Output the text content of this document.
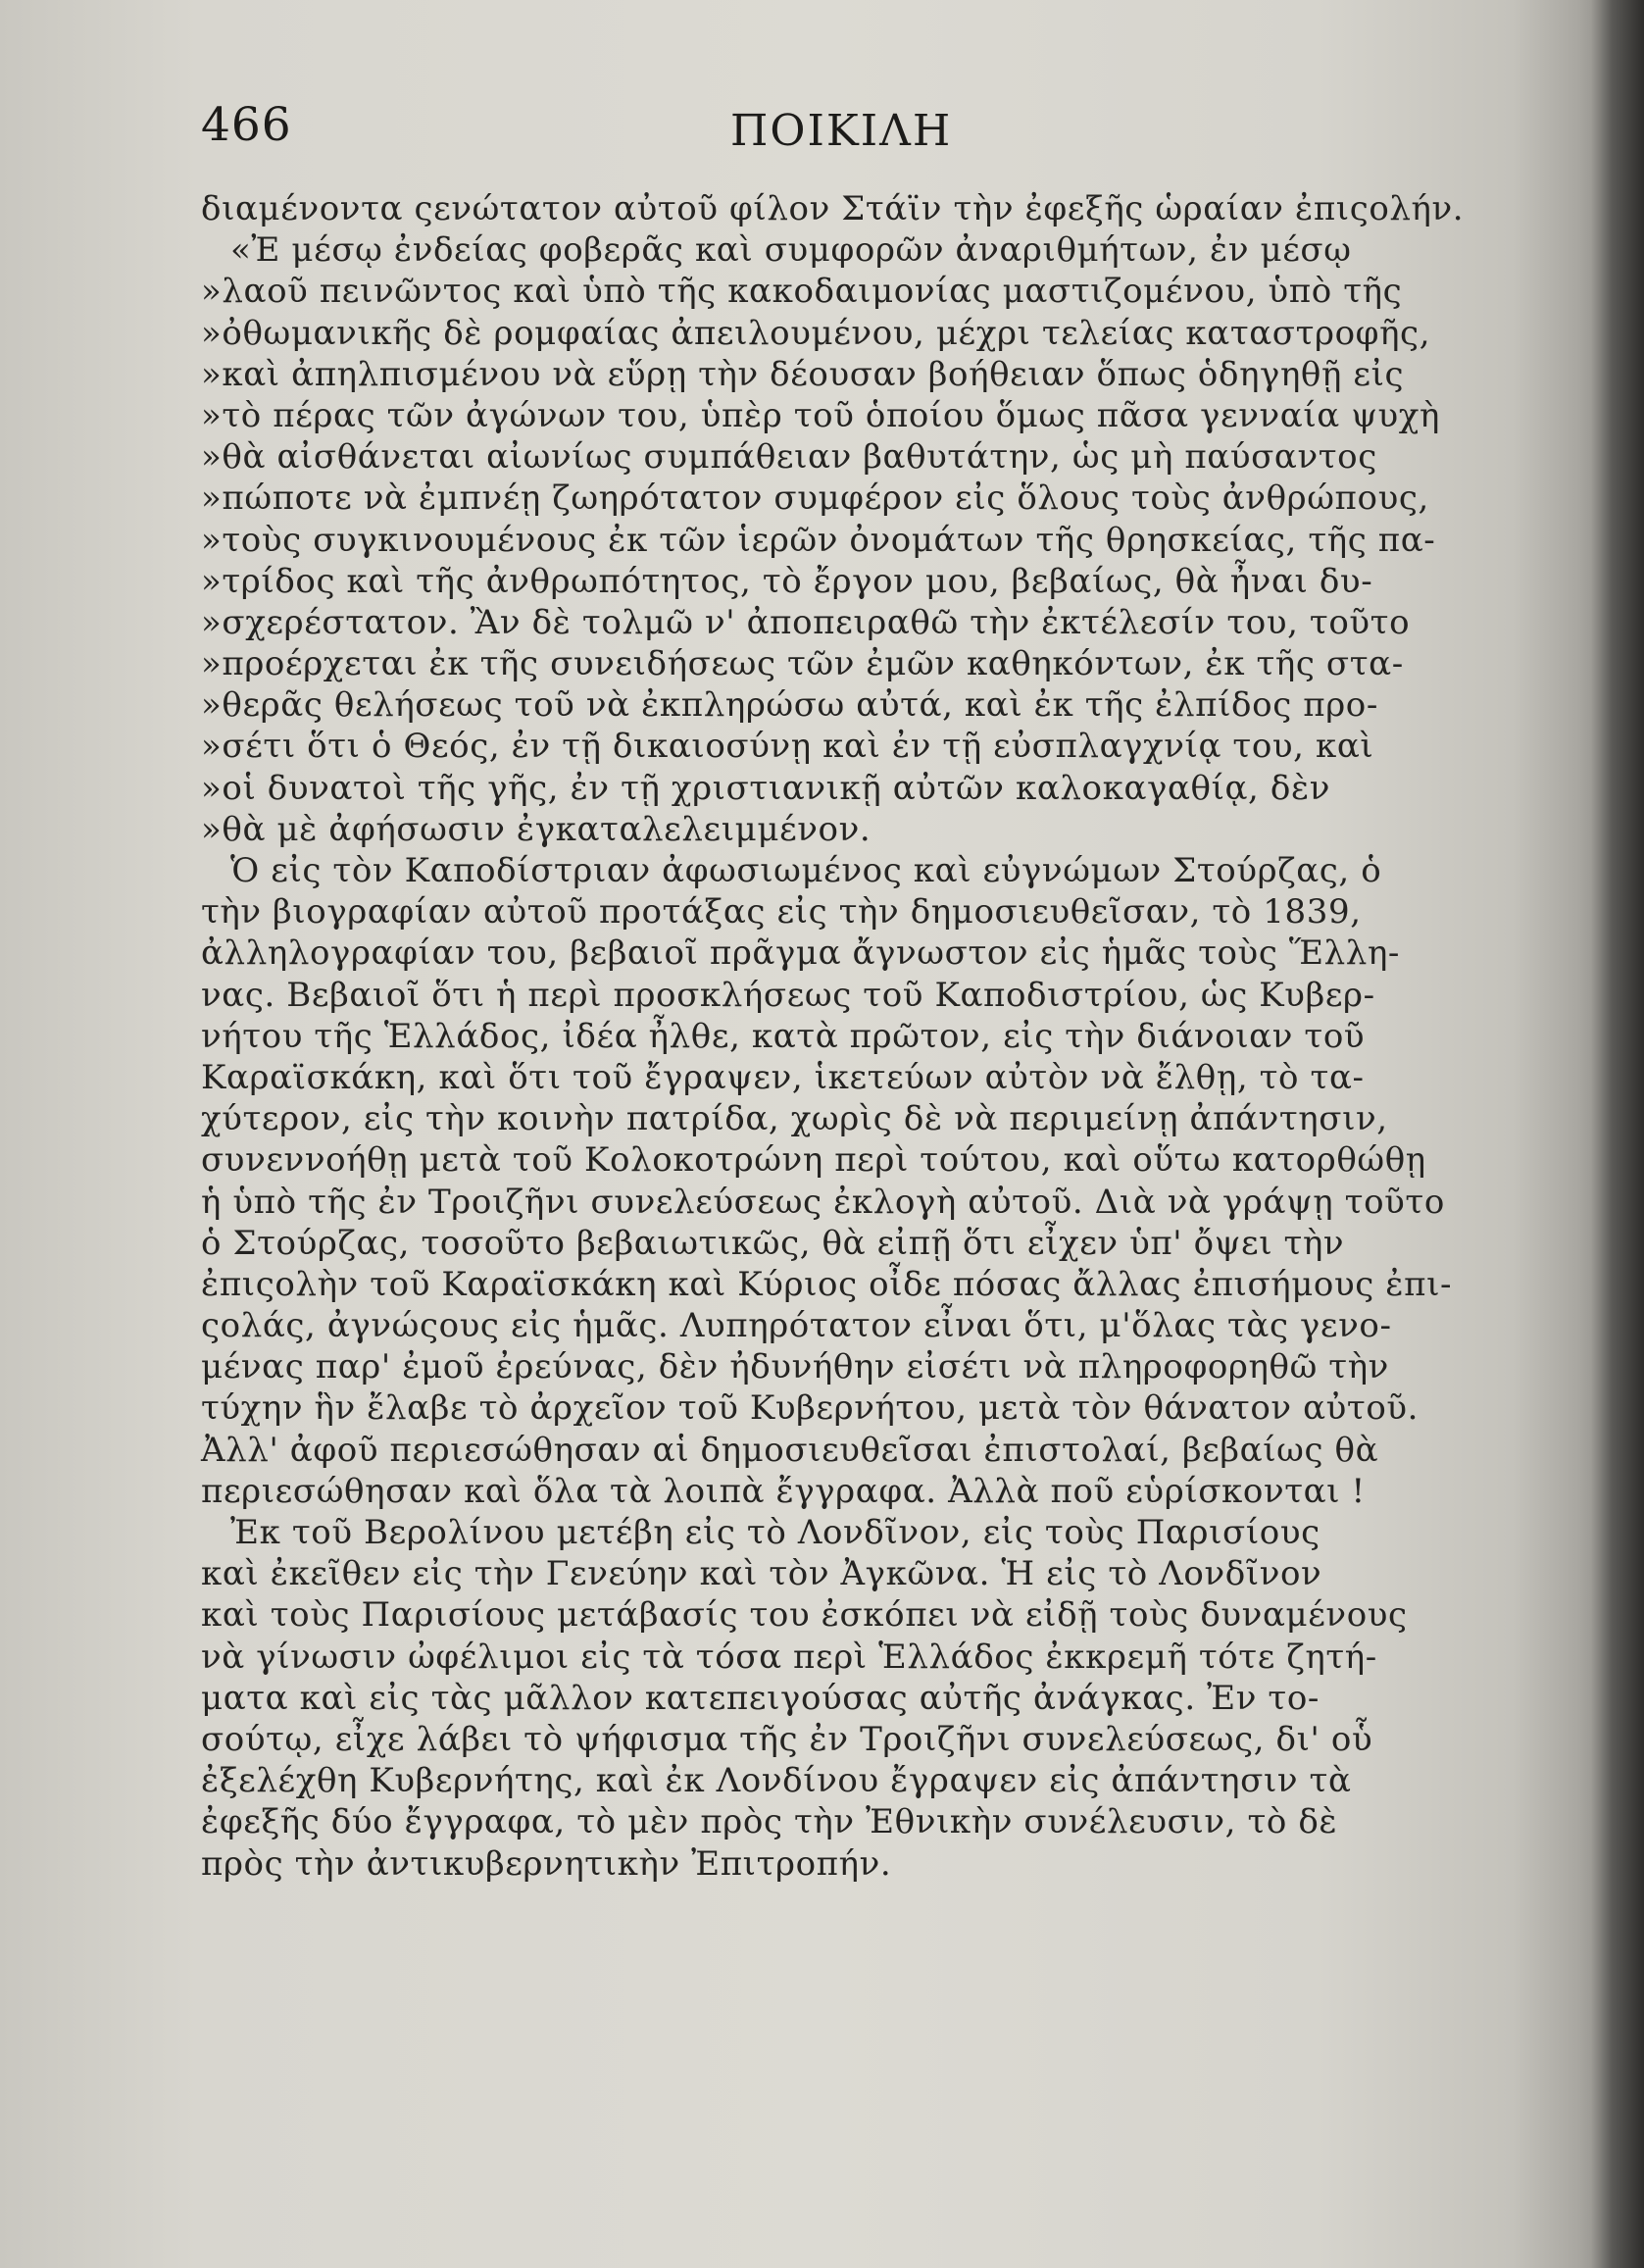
466	ΠΟΙΚΙΛΗ
διαμένοντα ςενώτατον αὐτοῦ φίλον Στάϊν τὴν ἐφεξῆς ὡραίαν ἐπιςολήν.
«Ἐ μέσῳ ἐνδείας φοβερᾶς καὶ συμφορῶν ἀναριθμήτων, ἐν μέσῳ
»λαοῦ πεινῶντος καὶ ὑπὸ τῆς κακοδαιμονίας μαστιζομένου, ὑπὸ τῆς
»ὀθωμανικῆς δὲ ρομφαίας ἀπειλουμένου, μέχρι τελείας καταστροφῆς,
»καὶ ἀπηλπισμένου νὰ εὕρῃ τὴν δέουσαν βοήθειαν ὅπως ὁδηγηθῇ εἰς
»τὸ πέρας τῶν ἀγώνων του, ὑπὲρ τοῦ ὁποίου ὅμως πᾶσα γενναία ψυχὴ
»θὰ αἰσθάνεται αἰωνίως συμπάθειαν βαθυτάτην, ὡς μὴ παύσαντος
»πώποτε νὰ ἐμπνέῃ ζωηρότατον συμφέρον εἰς ὅλους τοὺς ἀνθρώπους,
»τοὺς συγκινουμένους ἐκ τῶν ἱερῶν ὀνομάτων τῆς θρησκείας, τῆς πα-
»τρίδος καὶ τῆς ἀνθρωπότητος, τὸ ἔργον μου, βεβαίως, θὰ ἦναι δυ-
»σχερέστατον. Ἂν δὲ τολμῶ ν' ἀποπειραθῶ τὴν ἐκτέλεσίν του, τοῦτο
»προέρχεται ἐκ τῆς συνειδήσεως τῶν ἐμῶν καθηκόντων, ἐκ τῆς στα-
»θερᾶς θελήσεως τοῦ νὰ ἐκπληρώσω αὐτά, καὶ ἐκ τῆς ἐλπίδος προ-
»σέτι ὅτι ὁ Θεός, ἐν τῇ δικαιοσύνῃ καὶ ἐν τῇ εὐσπλαγχνίᾳ του, καὶ
»οἱ δυνατοὶ τῆς γῆς, ἐν τῇ χριστιανικῇ αὐτῶν καλοκαγαθίᾳ, δὲν
»θὰ μὲ ἀφήσωσιν ἐγκαταλελειμμένον.
Ὁ εἰς τὸν Καποδίστριαν ἀφωσιωμένος καὶ εὐγνώμων Στούρζας, ὁ
τὴν βιογραφίαν αὐτοῦ προτάξας εἰς τὴν δημοσιευθεῖσαν, τὸ 1839,
ἀλληλογραφίαν του, βεβαιοῖ πρᾶγμα ἄγνωστον εἰς ἡμᾶς τοὺς Ἕλλη-
νας. Βεβαιοῖ ὅτι ἡ περὶ προσκλήσεως τοῦ Καποδιστρίου, ὡς Κυβερ-
νήτου τῆς Ἑλλάδος, ἰδέα ἦλθε, κατὰ πρῶτον, εἰς τὴν διάνοιαν τοῦ
Καραϊσκάκη, καὶ ὅτι τοῦ ἔγραψεν, ἱκετεύων αὐτὸν νὰ ἔλθῃ, τὸ τα-
χύτερον, εἰς τὴν κοινὴν πατρίδα, χωρὶς δὲ νὰ περιμείνῃ ἀπάντησιν,
συνεννοήθῃ μετὰ τοῦ Κολοκοτρώνη περὶ τούτου, καὶ οὕτω κατορθώθῃ
ἡ ὑπὸ τῆς ἐν Τροιζῆνι συνελεύσεως ἐκλογὴ αὐτοῦ. Διὰ νὰ γράψῃ τοῦτο
ὁ Στούρζας, τοσοῦτο βεβαιωτικῶς, θὰ εἰπῇ ὅτι εἶχεν ὑπ' ὄψει τὴν
ἐπιςολὴν τοῦ Καραϊσκάκη καὶ Κύριος οἶδε πόσας ἄλλας ἐπισήμους ἐπι-
ςολάς, ἀγνώςους εἰς ἡμᾶς. Λυπηρότατον εἶναι ὅτι, μ'ὅλας τὰς γενο-
μένας παρ' ἐμοῦ ἐρεύνας, δὲν ἠδυνήθην εἰσέτι νὰ πληροφορηθῶ τὴν
τύχην ἣν ἔλαβε τὸ ἀρχεῖον τοῦ Κυβερνήτου, μετὰ τὸν θάνατον αὐτοῦ.
Ἀλλ' ἀφοῦ περιεσώθησαν αἱ δημοσιευθεῖσαι ἐπιστολαί, βεβαίως θὰ
περιεσώθησαν καὶ ὅλα τὰ λοιπὰ ἔγγραφα. Ἀλλὰ ποῦ εὑρίσκονται !
Ἐκ τοῦ Βερολίνου μετέβη εἰς τὸ Λονδῖνον, εἰς τοὺς Παρισίους
καὶ ἐκεῖθεν εἰς τὴν Γενεύην καὶ τὸν Ἀγκῶνα. Ἡ εἰς τὸ Λονδῖνον
καὶ τοὺς Παρισίους μετάβασίς του ἐσκόπει νὰ εἰδῇ τοὺς δυναμένους
νὰ γίνωσιν ὠφέλιμοι εἰς τὰ τόσα περὶ Ἑλλάδος ἐκκρεμῆ τότε ζητή-
ματα καὶ εἰς τὰς μᾶλλον κατεπειγούσας αὐτῆς ἀνάγκας. Ἐν το-
σούτῳ, εἶχε λάβει τὸ ψήφισμα τῆς ἐν Τροιζῆνι συνελεύσεως, δι' οὗ
ἐξελέχθη Κυβερνήτης, καὶ ἐκ Λονδίνου ἔγραψεν εἰς ἀπάντησιν τὰ
ἐφεξῆς δύο ἔγγραφα, τὸ μὲν πρὸς τὴν Ἐθνικὴν συνέλευσιν, τὸ δὲ
πρὸς τὴν ἀντικυβερνητικὴν Ἐπιτροπήν.
